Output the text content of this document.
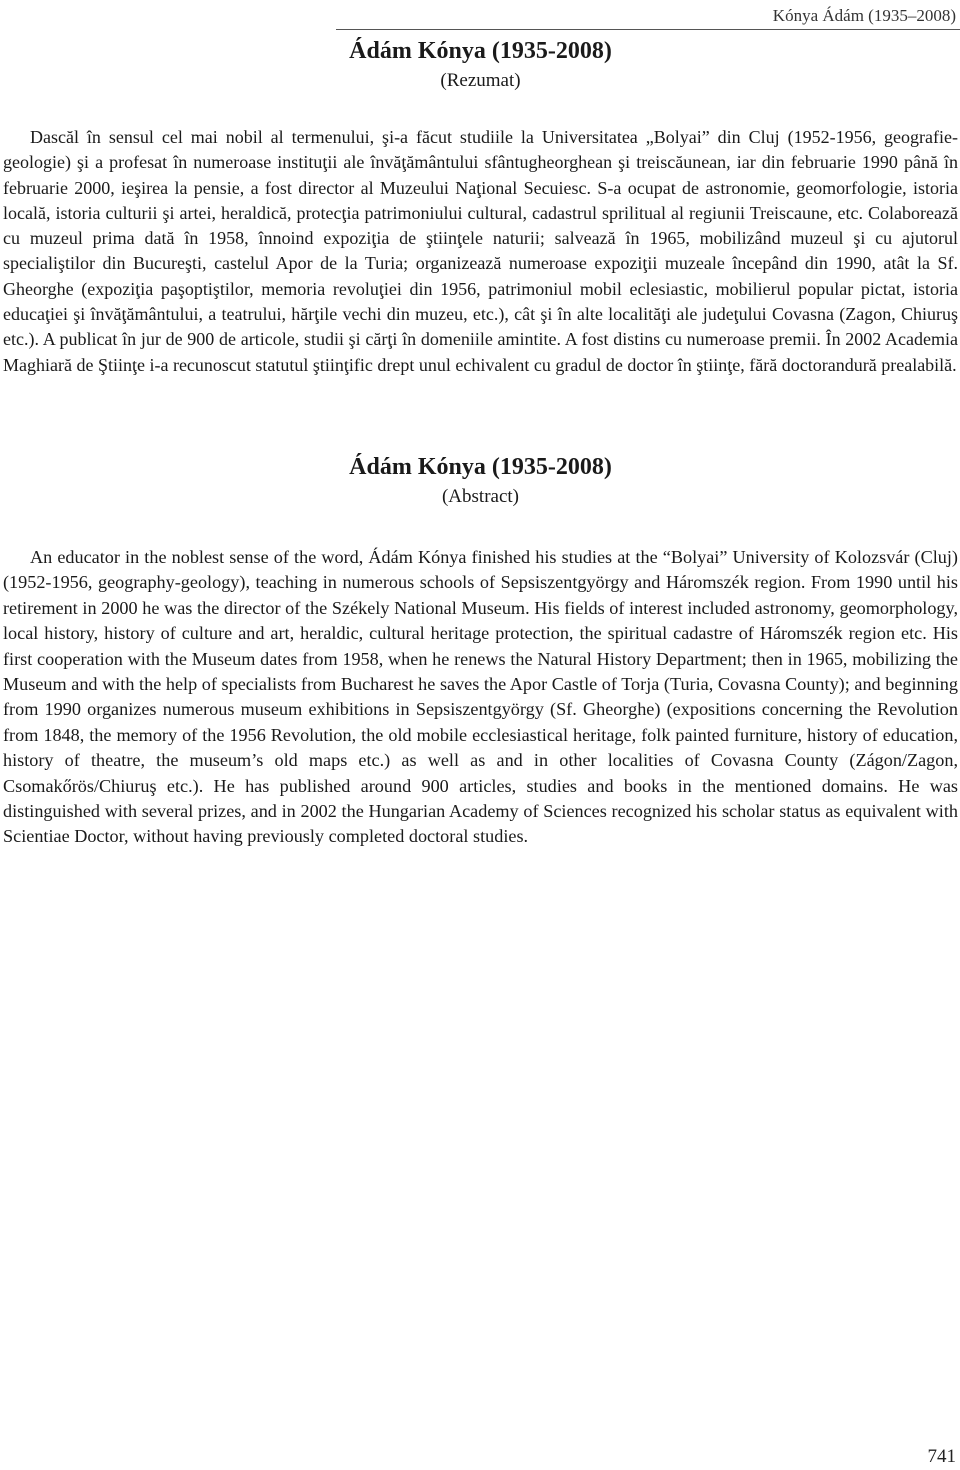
Kónya Ádám (1935–2008)
Ádám Kónya (1935-2008)
(Rezumat)

Dascăl în sensul cel mai nobil al termenului, şi-a făcut studiile la Universitatea „Bolyai” din Cluj (1952-1956, geografie-geologie) şi a profesat în numeroase instituţii ale învăţământului sfântugheorghean şi treiscăunean, iar din februarie 1990 până în februarie 2000, ieşirea la pensie, a fost director al Muzeului Naţional Secuiesc. S-a ocupat de astronomie, geomorfologie, istoria locală, istoria culturii şi artei, heraldică, protecţia patrimoniului cultural, cadastrul sprilitual al regiunii Treiscaune, etc. Colaborează cu muzeul prima dată în 1958, înnoind expoziţia de ştiinţele naturii; salvează în 1965, mobilizând muzeul şi cu ajutorul specialiştilor din Bucureşti, castelul Apor de la Turia; organizează numeroase expoziţii muzeale începând din 1990, atât la Sf. Gheorghe (expoziţia paşoptiştilor, memoria revoluţiei din 1956, patrimoniul mobil eclesiastic, mobilierul popular pictat, istoria educaţiei şi învăţământului, a teatrului, hărţile vechi din muzeu, etc.), cât şi în alte localităţi ale judeţului Covasna (Zagon, Chiuruş etc.). A publicat în jur de 900 de articole, studii şi cărţi în domeniile amintite. A fost distins cu numeroase premii. În 2002 Academia Maghiară de Ştiinţe i-a recunoscut statutul ştiinţific drept unul echivalent cu gradul de doctor în ştiinţe, fără doctorandură prealabilă.

Ádám Kónya (1935-2008)
(Abstract)

An educator in the noblest sense of the word, Ádám Kónya finished his studies at the “Bolyai” University of Kolozsvár (Cluj) (1952-1956, geography-geology), teaching in numerous schools of Sepsiszentgyörgy and Háromszék region. From 1990 until his retirement in 2000 he was the director of the Székely National Museum. His fields of interest included astronomy, geomorphology, local history, history of culture and art, heraldic, cultural heritage protection, the spiritual cadastre of Háromszék region etc. His first cooperation with the Museum dates from 1958, when he renews the Natural History Department; then in 1965, mobilizing the Museum and with the help of specialists from Bucharest he saves the Apor Castle of Torja (Turia, Covasna County); and beginning from 1990 organizes numerous museum exhibitions in Sepsiszentgyörgy (Sf. Gheorghe) (expositions concerning the Revolution from 1848, the memory of the 1956 Revolution, the old mobile ecclesiastical heritage, folk painted furniture, history of education, history of theatre, the museum’s old maps etc.) as well as and in other localities of Covasna County (Zágon/Zagon, Csomakőrös/Chiuruş etc.). He has published around 900 articles, studies and books in the mentioned domains. He was distinguished with several prizes, and in 2002 the Hungarian Academy of Sciences recognized his scholar status as equivalent with Scientiae Doctor, without having previously completed doctoral studies.

741
